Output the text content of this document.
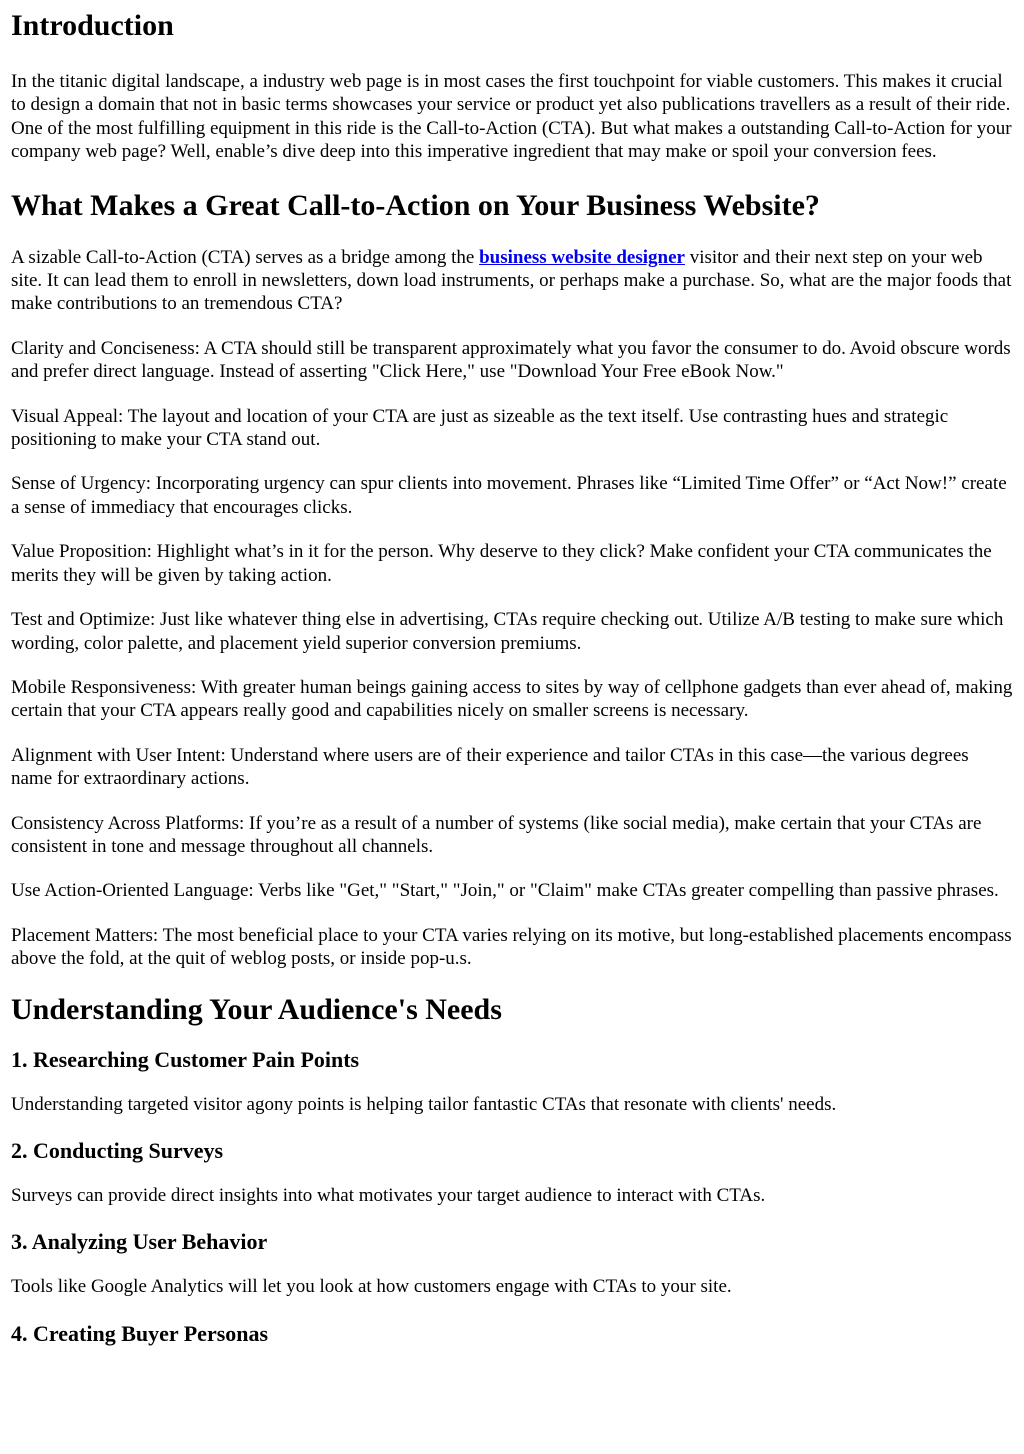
Introduction

In the titanic digital landscape, a industry web page is in most cases the first touchpoint for viable customers. This makes it crucial to design a domain that not in basic terms showcases your service or product yet also publications travellers as a result of their ride. One of the most fulfilling equipment in this ride is the Call-to-Action (CTA). But what makes a outstanding Call-to-Action for your company web page? Well, enable’s dive deep into this imperative ingredient that may make or spoil your conversion fees.

What Makes a Great Call-to-Action on Your Business Website?

A sizable Call-to-Action (CTA) serves as a bridge among the business website designer visitor and their next step on your web site. It can lead them to enroll in newsletters, down load instruments, or perhaps make a purchase. So, what are the major foods that make contributions to an tremendous CTA?

Clarity and Conciseness: A CTA should still be transparent approximately what you favor the consumer to do. Avoid obscure words and prefer direct language. Instead of asserting "Click Here," use "Download Your Free eBook Now."

Visual Appeal: The layout and location of your CTA are just as sizeable as the text itself. Use contrasting hues and strategic positioning to make your CTA stand out.

Sense of Urgency: Incorporating urgency can spur clients into movement. Phrases like “Limited Time Offer” or “Act Now!” create a sense of immediacy that encourages clicks.

Value Proposition: Highlight what’s in it for the person. Why deserve to they click? Make confident your CTA communicates the merits they will be given by taking action.

Test and Optimize: Just like whatever thing else in advertising, CTAs require checking out. Utilize A/B testing to make sure which wording, color palette, and placement yield superior conversion premiums.

Mobile Responsiveness: With greater human beings gaining access to sites by way of cellphone gadgets than ever ahead of, making certain that your CTA appears really good and capabilities nicely on smaller screens is necessary.

Alignment with User Intent: Understand where users are of their experience and tailor CTAs in this case—the various degrees name for extraordinary actions.

Consistency Across Platforms: If you’re as a result of a number of systems (like social media), make certain that your CTAs are consistent in tone and message throughout all channels.

Use Action-Oriented Language: Verbs like "Get," "Start," "Join," or "Claim" make CTAs greater compelling than passive phrases.

Placement Matters: The most beneficial place to your CTA varies relying on its motive, but long-established placements encompass above the fold, at the quit of weblog posts, or inside pop-u.s.

Understanding Your Audience's Needs
1. Researching Customer Pain Points

Understanding targeted visitor agony points is helping tailor fantastic CTAs that resonate with clients' needs.

2. Conducting Surveys

Surveys can provide direct insights into what motivates your target audience to interact with CTAs.

3. Analyzing User Behavior

Tools like Google Analytics will let you look at how customers engage with CTAs to your site.

4. Creating Buyer Personas
